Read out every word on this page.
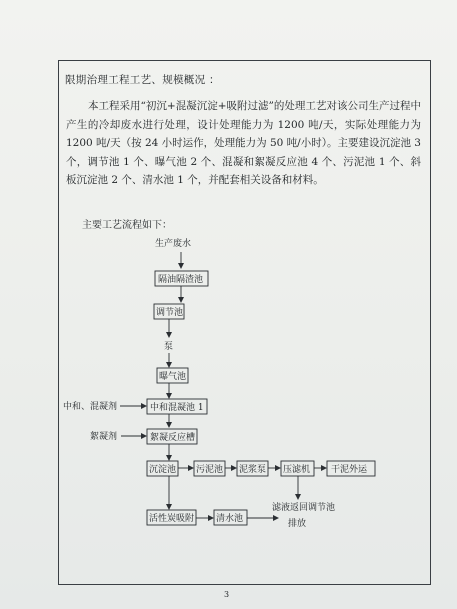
限期治理工程工艺、规模概况 ：
本工程采用“初沉+混凝沉淀+吸附过滤”的处理工艺对该公司生产过程中产生的冷却废水进行处理，设计处理能力为 1200 吨/天，实际处理能力为 1200 吨/天（按 24 小时运作，处理能力为 50 吨/小时）。主要建设沉淀池 3 个，调节池 1 个、曝气池 2 个、混凝和絮凝反应池 4 个、污泥池 1 个、斜板沉淀池 2 个、清水池 1 个，并配套相关设备和材料。
主要工艺流程如下：
生产废水
隔油隔渣池
调节池
泵
曝气池
中和、混凝剂	中和混凝池 1
絮凝剂	絮凝反应槽
沉淀池 污泥池 泥浆泵 压滤机 干泥外运
滤液返回调节池
排放
活性炭吸附 清水池
3
